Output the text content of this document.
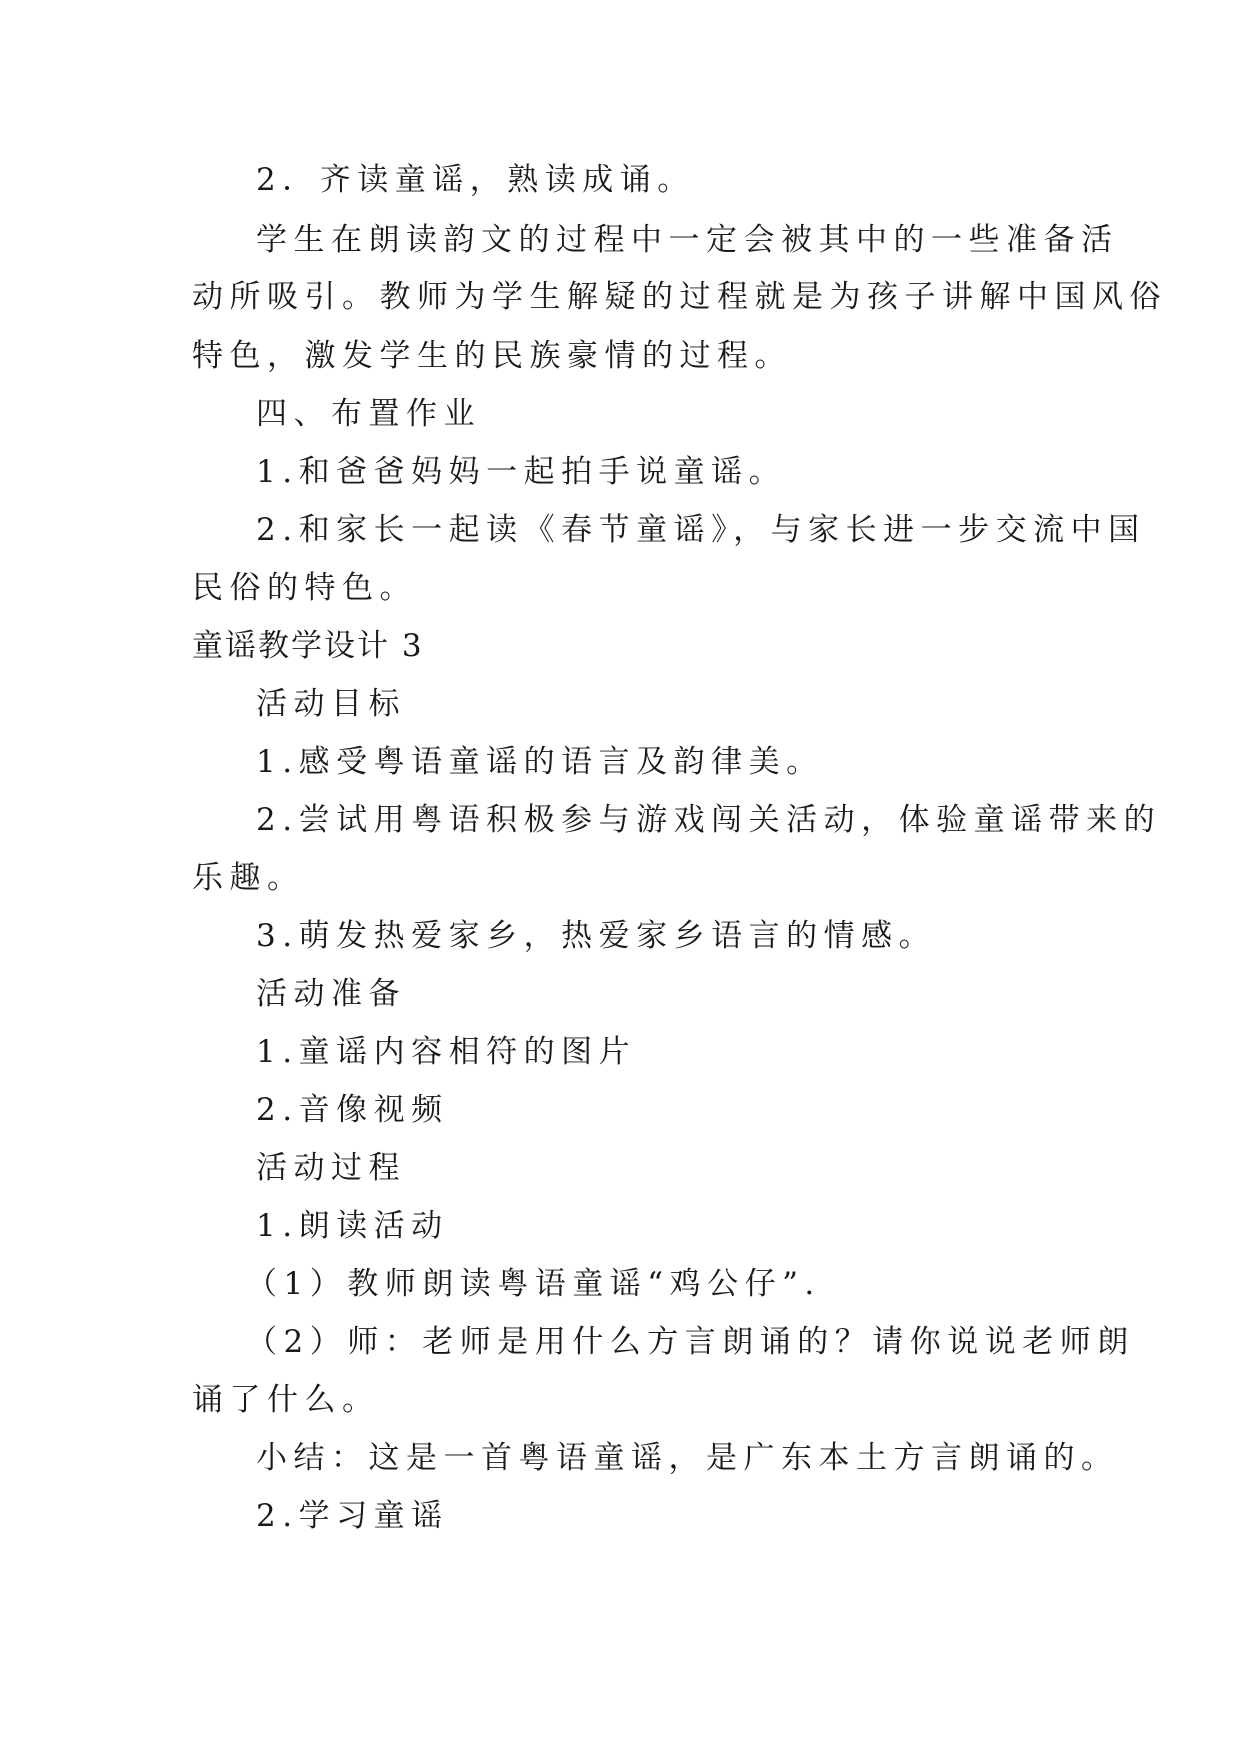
2．齐读童谣，熟读成诵。
学生在朗读韵文的过程中一定会被其中的一些准备活
动所吸引。教师为学生解疑的过程就是为孩子讲解中国风俗
特色，激发学生的民族豪情的过程。
四、布置作业
1.和爸爸妈妈一起拍手说童谣。
2.和家长一起读《春节童谣》，与家长进一步交流中国
民俗的特色。
童谣教学设计 3
活动目标
1.感受粤语童谣的语言及韵律美。
2.尝试用粤语积极参与游戏闯关活动，体验童谣带来的
乐趣。
3.萌发热爱家乡，热爱家乡语言的情感。
活动准备
1.童谣内容相符的图片
2.音像视频
活动过程
1.朗读活动
（1）教师朗读粤语童谣“鸡公仔”.
（2）师：老师是用什么方言朗诵的？请你说说老师朗
诵了什么。
小结：这是一首粤语童谣，是广东本土方言朗诵的。
2.学习童谣
